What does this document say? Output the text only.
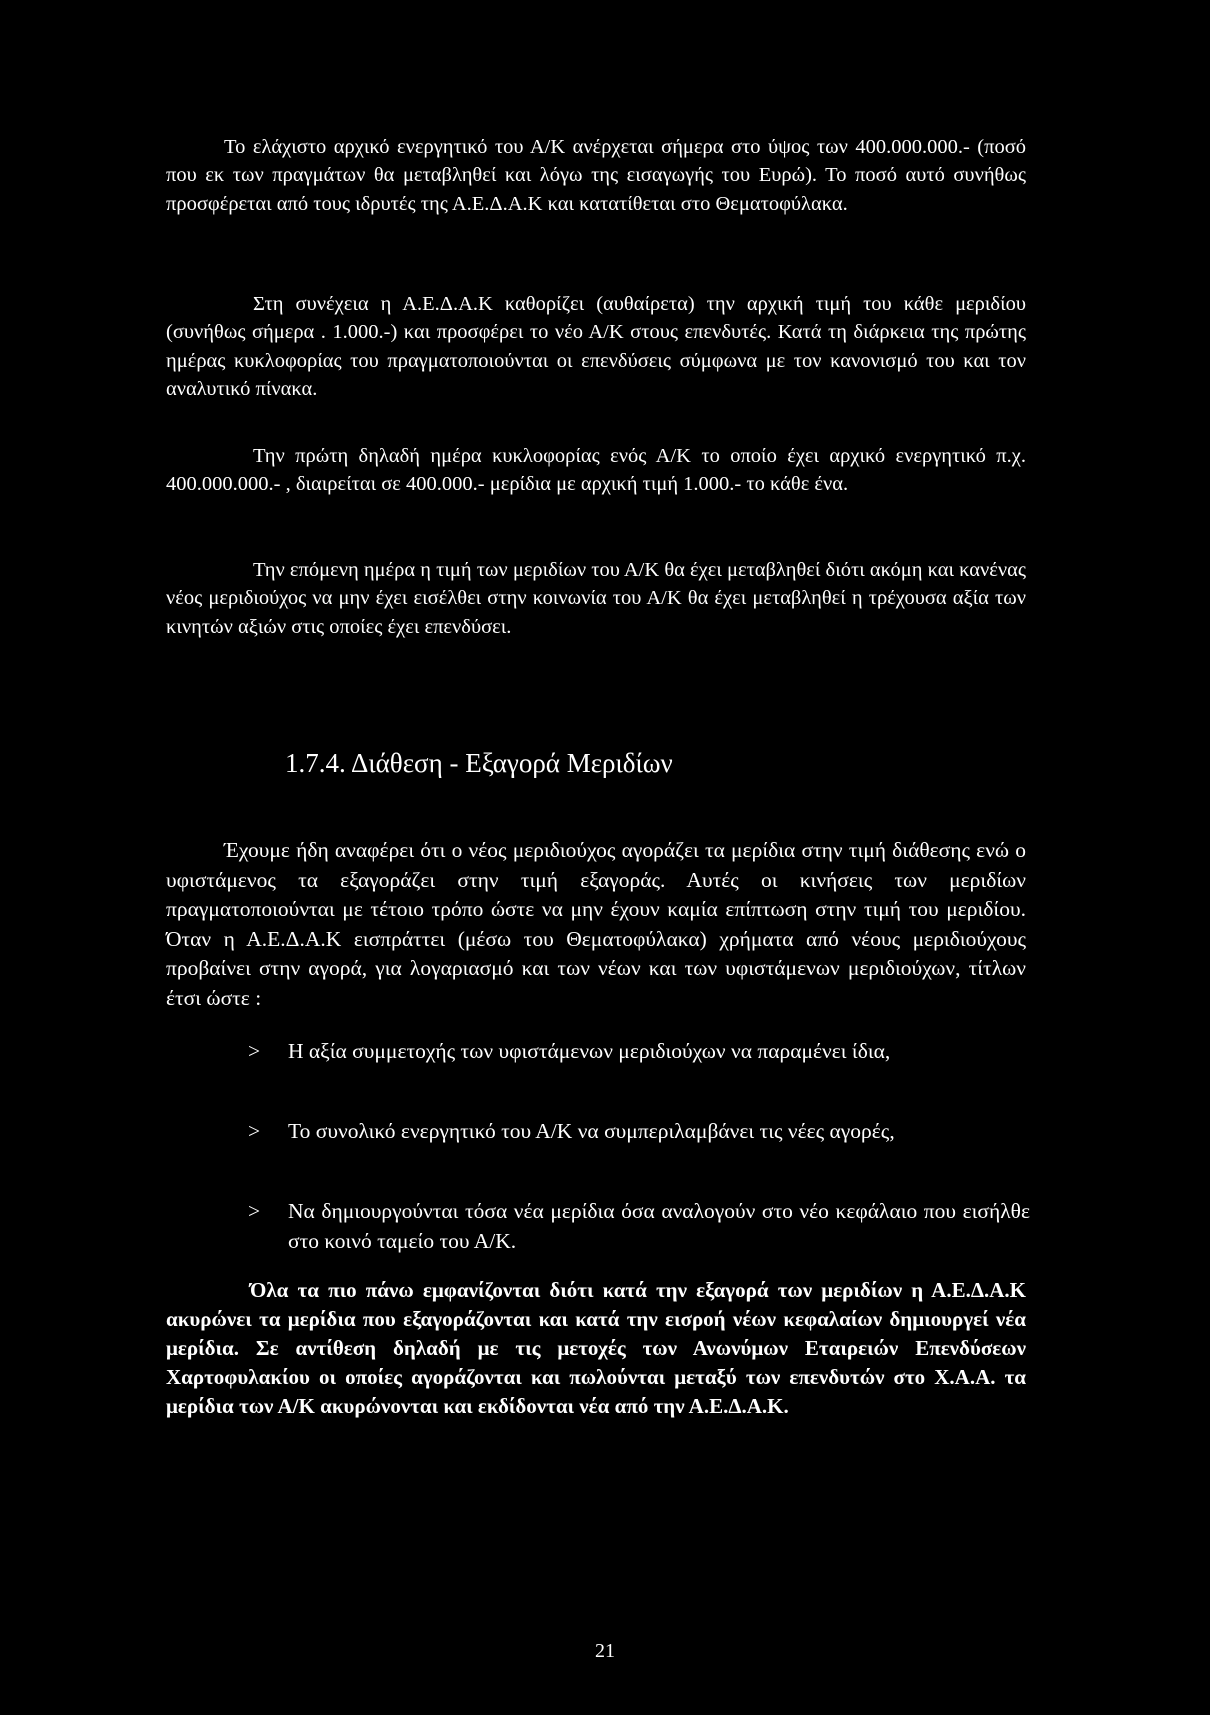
Το ελάχιστο αρχικό ενεργητικό του Α/Κ ανέρχεται σήμερα στο ύψος των 400.000.000.- (ποσό που εκ των πραγμάτων θα μεταβληθεί και λόγω της εισαγωγής του Ευρώ). Το ποσό αυτό συνήθως προσφέρεται από τους ιδρυτές της Α.Ε.Δ.Α.Κ και κατατίθεται στο Θεματοφύλακα.

Στη συνέχεια η Α.Ε.Δ.Α.Κ καθορίζει (αυθαίρετα) την αρχική τιμή του κάθε μεριδίου (συνήθως σήμερα . 1.000.-) και προσφέρει το νέο Α/Κ στους επενδυτές. Κατά τη διάρκεια της πρώτης ημέρας κυκλοφορίας του πραγματοποιούνται οι επενδύσεις σύμφωνα με τον κανονισμό του και τον αναλυτικό πίνακα.

Την πρώτη δηλαδή ημέρα κυκλοφορίας ενός Α/Κ το οποίο έχει αρχικό ενεργητικό π.χ. 400.000.000.- , διαιρείται σε 400.000.- μερίδια με αρχική τιμή 1.000.- το κάθε ένα.

Την επόμενη ημέρα η τιμή των μεριδίων του Α/Κ θα έχει μεταβληθεί διότι ακόμη και κανένας νέος μεριδιούχος να μην έχει εισέλθει στην κοινωνία του Α/Κ θα έχει μεταβληθεί η τρέχουσα αξία των κινητών αξιών στις οποίες έχει επενδύσει.

1.7.4. Διάθεση - Εξαγορά Μεριδίων

Έχουμε ήδη αναφέρει ότι ο νέος μεριδιούχος αγοράζει τα μερίδια στην τιμή διάθεσης ενώ ο υφιστάμενος τα εξαγοράζει στην τιμή εξαγοράς. Αυτές οι κινήσεις των μεριδίων πραγματοποιούνται με τέτοιο τρόπο ώστε να μην έχουν καμία επίπτωση στην τιμή του μεριδίου. Όταν η Α.Ε.Δ.Α.Κ εισπράττει (μέσω του Θεματοφύλακα) χρήματα από νέους μεριδιούχους προβαίνει στην αγορά, για λογαριασμό και των νέων και των υφιστάμενων μεριδιούχων, τίτλων έτσι ώστε :

>	Η αξία συμμετοχής των υφιστάμενων μεριδιούχων να παραμένει ίδια,
>	Το συνολικό ενεργητικό του Α/Κ να συμπεριλαμβάνει τις νέες αγορές,
>	Να δημιουργούνται τόσα νέα μερίδια όσα αναλογούν στο νέο κεφάλαιο που εισήλθε στο κοινό ταμείο του Α/Κ.

Όλα τα πιο πάνω εμφανίζονται διότι κατά την εξαγορά των μεριδίων η Α.Ε.Δ.Α.Κ ακυρώνει τα μερίδια που εξαγοράζονται και κατά την εισροή νέων κεφαλαίων δημιουργεί νέα μερίδια. Σε αντίθεση δηλαδή με τις μετοχές των Ανωνύμων Εταιρειών Επενδύσεων Χαρτοφυλακίου οι οποίες αγοράζονται και πωλούνται μεταξύ των επενδυτών στο Χ.Α.Α. τα μερίδια των Α/Κ ακυρώνονται και εκδίδονται νέα από την Α.Ε.Δ.Α.Κ.

21
